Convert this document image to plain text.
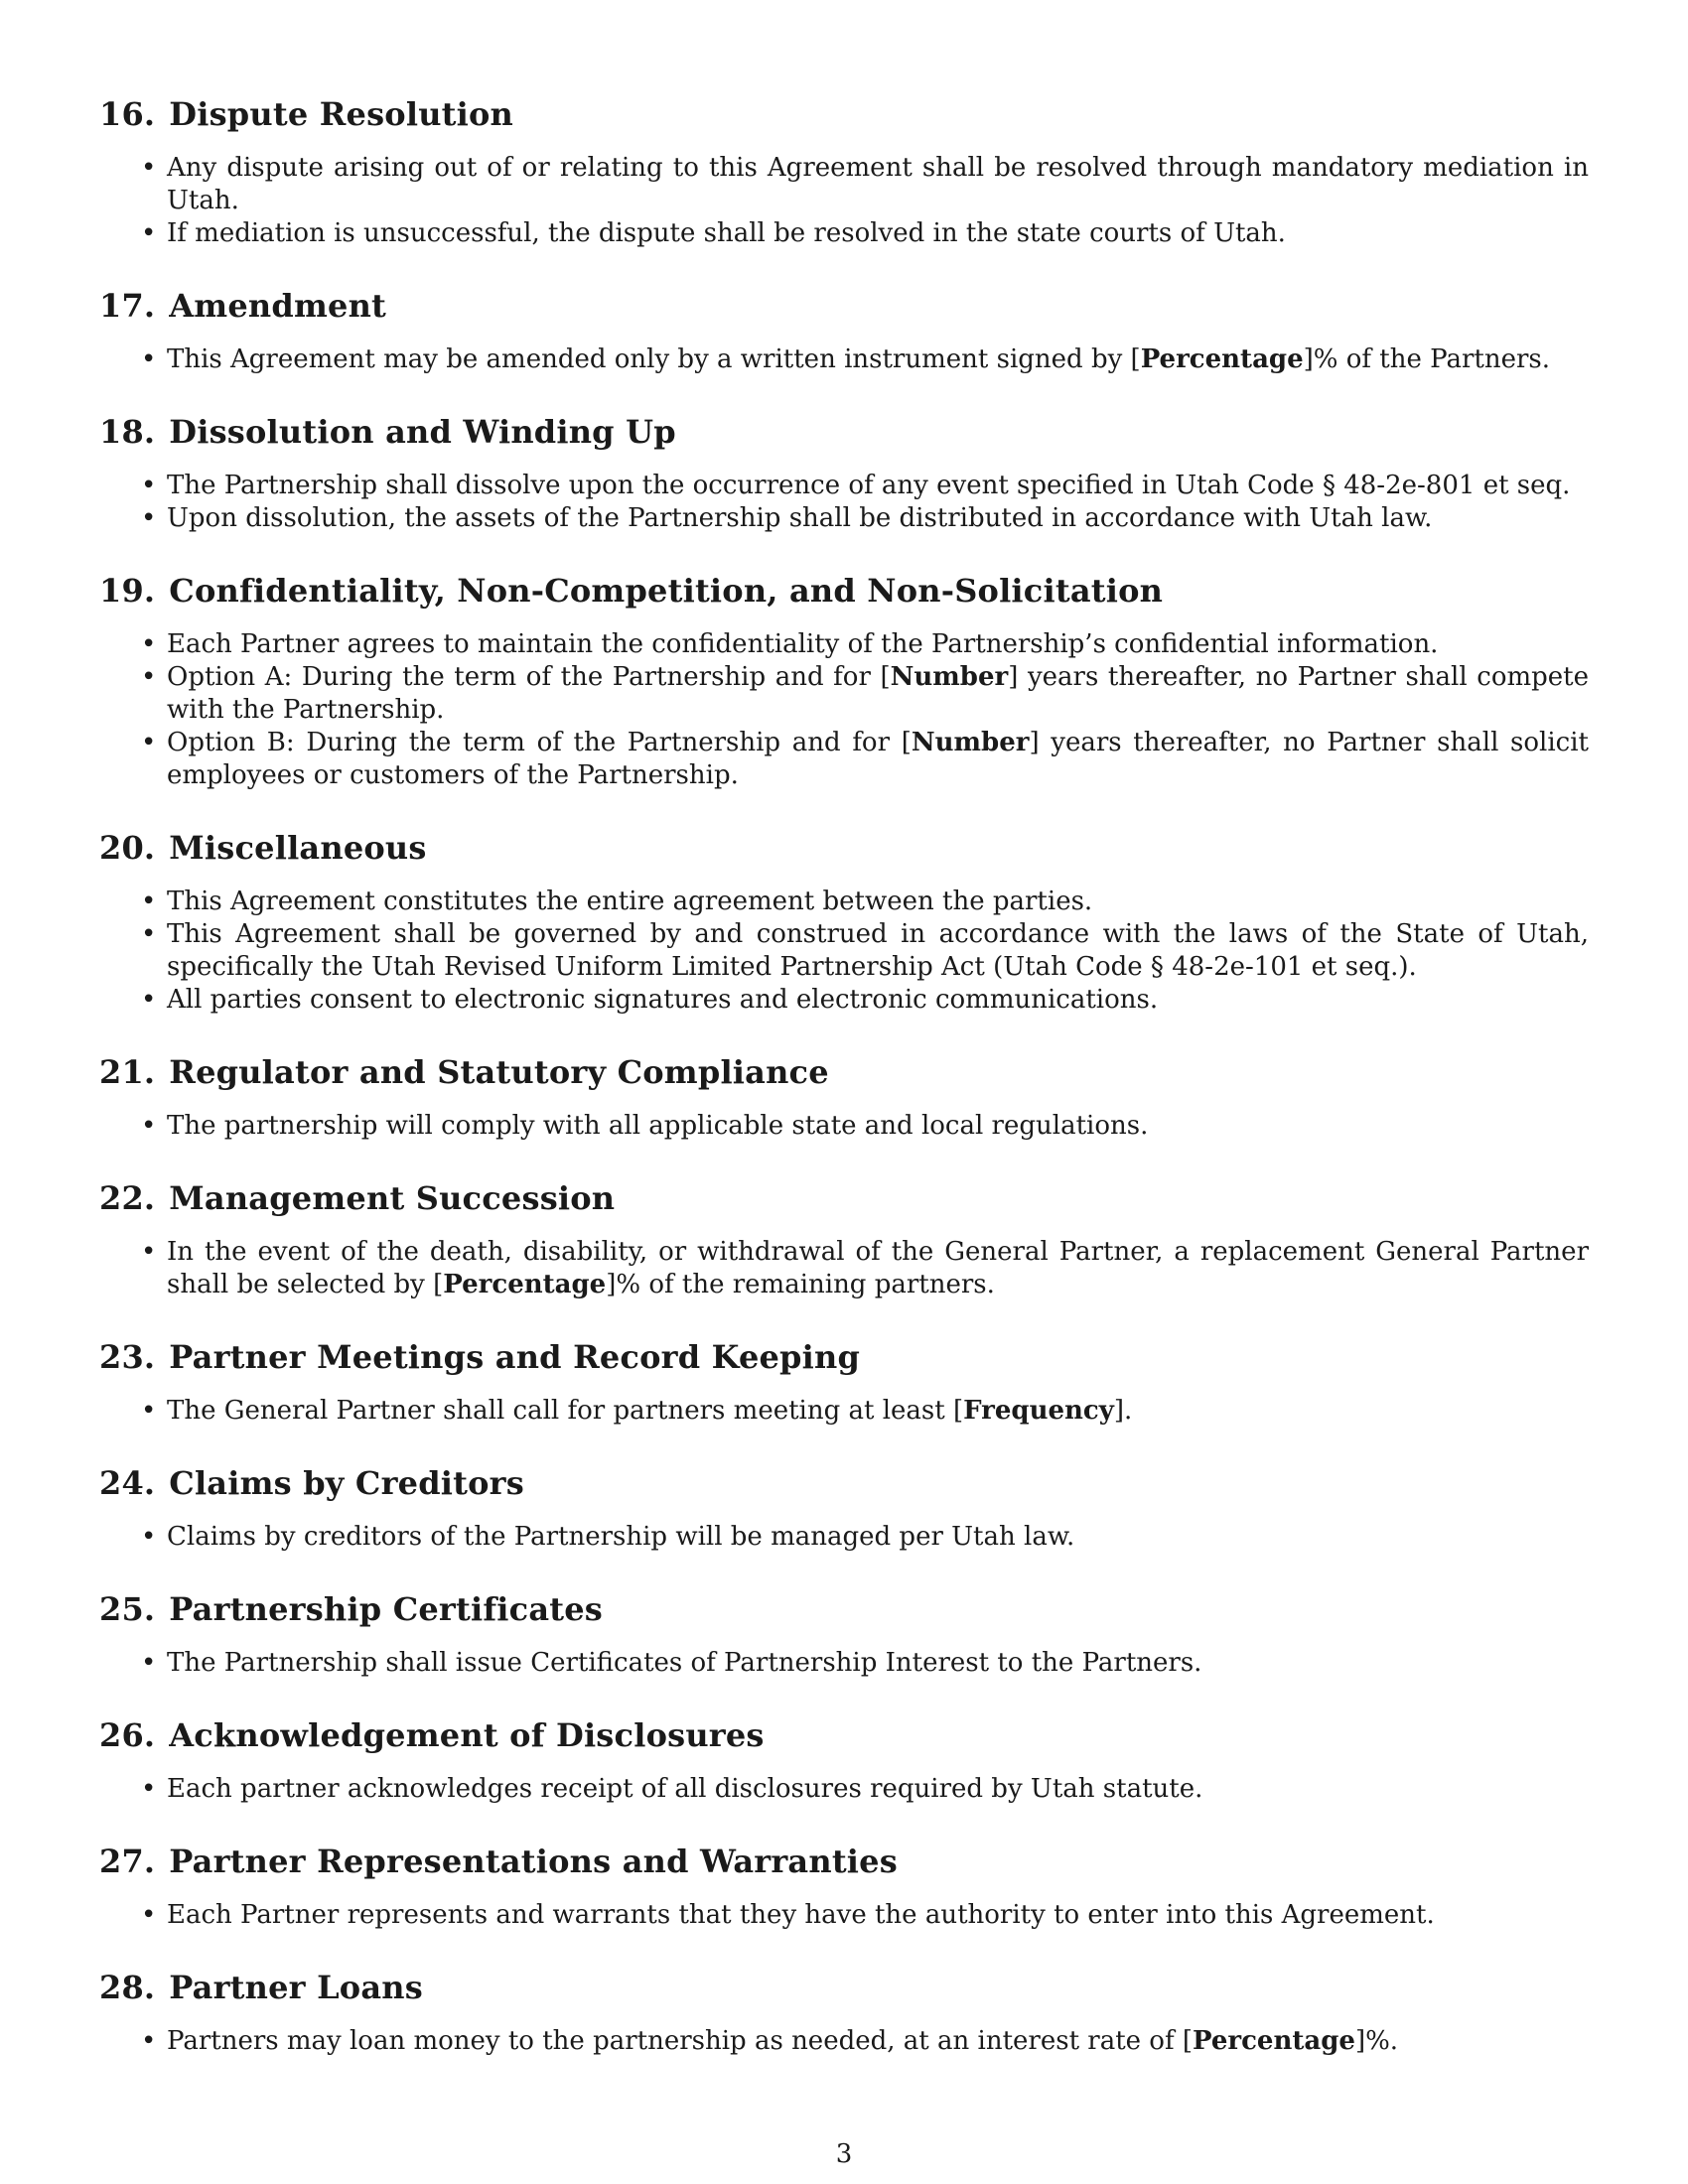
16. Dispute Resolution
• Any dispute arising out of or relating to this Agreement shall be resolved through mandatory mediation in Utah.
• If mediation is unsuccessful, the dispute shall be resolved in the state courts of Utah.
17. Amendment
• This Agreement may be amended only by a written instrument signed by [Percentage]% of the Partners.
18. Dissolution and Winding Up
• The Partnership shall dissolve upon the occurrence of any event specified in Utah Code § 48-2e-801 et seq.
• Upon dissolution, the assets of the Partnership shall be distributed in accordance with Utah law.
19. Confidentiality, Non-Competition, and Non-Solicitation
• Each Partner agrees to maintain the confidentiality of the Partnership’s confidential information.
• Option A: During the term of the Partnership and for [Number] years thereafter, no Partner shall compete with the Partnership.
• Option B: During the term of the Partnership and for [Number] years thereafter, no Partner shall solicit employees or customers of the Partnership.
20. Miscellaneous
• This Agreement constitutes the entire agreement between the parties.
• This Agreement shall be governed by and construed in accordance with the laws of the State of Utah, specifically the Utah Revised Uniform Limited Partnership Act (Utah Code § 48-2e-101 et seq.).
• All parties consent to electronic signatures and electronic communications.
21. Regulator and Statutory Compliance
• The partnership will comply with all applicable state and local regulations.
22. Management Succession
• In the event of the death, disability, or withdrawal of the General Partner, a replacement General Partner shall be selected by [Percentage]% of the remaining partners.
23. Partner Meetings and Record Keeping
• The General Partner shall call for partners meeting at least [Frequency].
24. Claims by Creditors
• Claims by creditors of the Partnership will be managed per Utah law.
25. Partnership Certificates
• The Partnership shall issue Certificates of Partnership Interest to the Partners.
26. Acknowledgement of Disclosures
• Each partner acknowledges receipt of all disclosures required by Utah statute.
27. Partner Representations and Warranties
• Each Partner represents and warrants that they have the authority to enter into this Agreement.
28. Partner Loans
• Partners may loan money to the partnership as needed, at an interest rate of [Percentage]%.
3
